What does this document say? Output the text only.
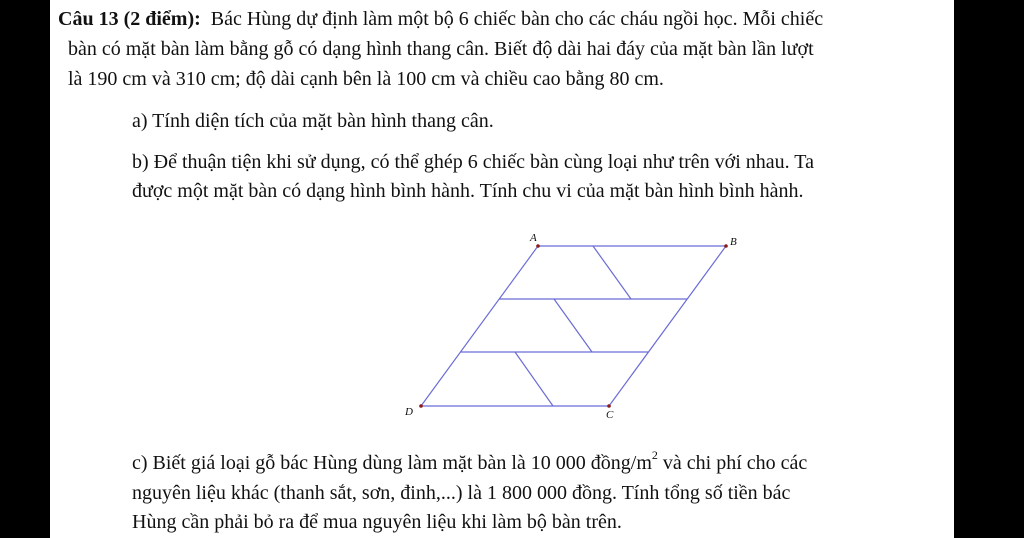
Câu 13 (2 điểm): Bác Hùng dự định làm một bộ 6 chiếc bàn cho các cháu ngồi học. Mỗi chiếc

bàn có mặt bàn làm bằng gỗ có dạng hình thang cân. Biết độ dài hai đáy của mặt bàn lần lượt

là 190 cm và 310 cm; độ dài cạnh bên là 100 cm và chiều cao bằng 80 cm.

a) Tính diện tích của mặt bàn hình thang cân.

b) Để thuận tiện khi sử dụng, có thể ghép 6 chiếc bàn cùng loại như trên với nhau. Ta

được một mặt bàn có dạng hình bình hành. Tính chu vi của mặt bàn hình bình hành.

A	B
C
D

c) Biết giá loại gỗ bác Hùng dùng làm mặt bàn là 10 000 đồng/$m^2$ và chi phí cho các

nguyên liệu khác (thanh sắt, sơn, đinh,...) là 1 800 000 đồng. Tính tổng số tiền bác

Hùng cần phải bỏ ra để mua nguyên liệu khi làm bộ bàn trên.
